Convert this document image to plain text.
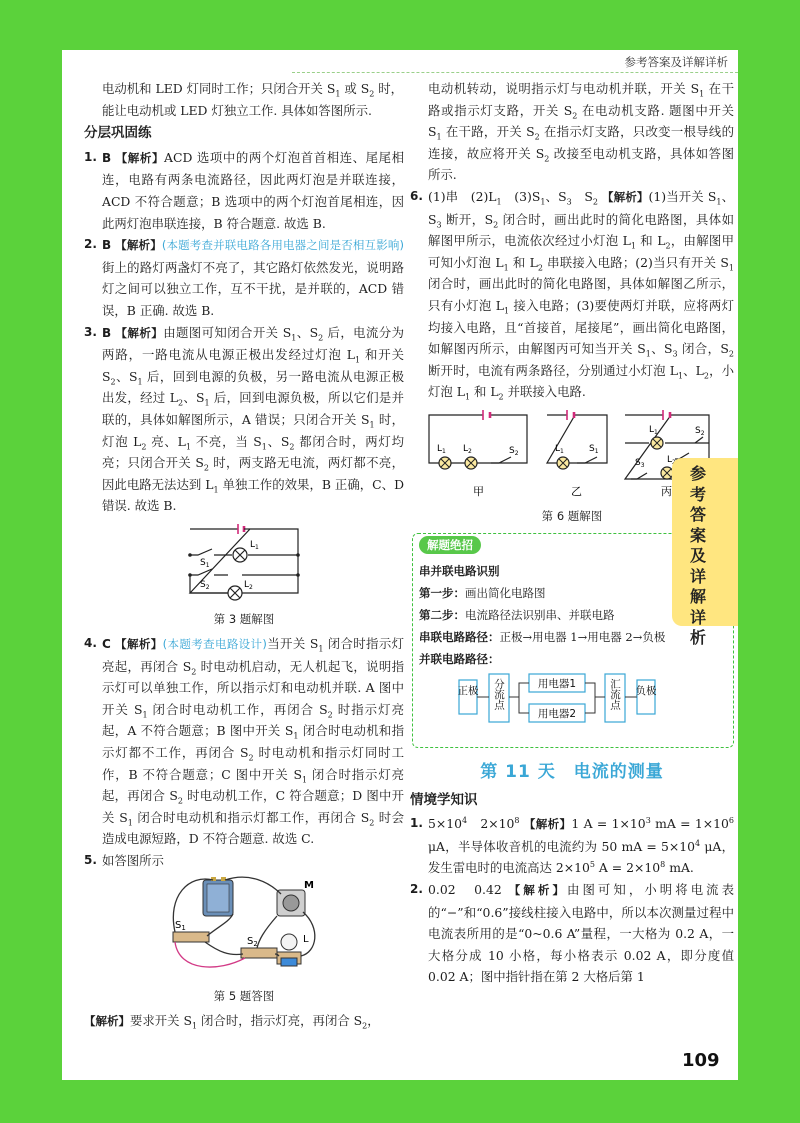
参考答案及详解详析

电动机和 LED 灯同时工作；只闭合开关 $S_1$ 或 $S_2$ 时，

能让电动机或 LED 灯独立工作. 具体如答图所示.

分层巩固练

1. B 【解析】ACD 选项中的两个灯泡首首相连、尾尾相连，电路有两条电流路径，因此两灯泡是并联连接，ACD 不符合题意；B 选项中的两个灯泡首尾相连，因此两灯泡串联连接，B 符合题意. 故选 B.

2. B 【解析】(本题考查并联电路各用电器之间是否相互影响)街上的路灯两盏灯不亮了，其它路灯依然发光，说明路灯之间可以独立工作，互不干扰，是并联的，ACD 错误，B 正确. 故选 B.

3. B 【解析】由题图可知闭合开关 $S_1$、$S_2$ 后，电流分为两路，一路电流从电源正极出发经过灯泡 $L_1$ 和开关 $S_2$、$S_1$ 后，回到电源的负极，另一路电流从电源正极出发，经过 $L_2$、$S_1$ 后，回到电源负极，所以它们是并联的，具体如解图所示，A 错误；只闭合开关 $S_1$ 时，灯泡 $L_2$ 亮、$L_1$ 不亮，当 $S_1$、$S_2$ 都闭合时，两灯均亮；只闭合开关 $S_2$ 时，两支路无电流，两灯都不亮，因此电路无法达到 $L_1$ 单独工作的效果，B 正确，C、D 错误. 故选 B.

$S_1$
$S_2$
$L_1$
$L_2$
第 3 题解图

4. C 【解析】(本题考查电路设计)当开关 $S_1$ 闭合时指示灯亮起，再闭合 $S_2$ 时电动机启动，无人机起飞，说明指示灯可以单独工作，所以指示灯和电动机并联. A 图中开关 $S_1$ 闭合时电动机工作，再闭合 $S_2$ 时指示灯亮起，A 不符合题意；B 图中开关 $S_1$ 闭合时电动机和指示灯都不工作，再闭合 $S_2$ 时电动机和指示灯同时工作，B 不符合题意；C 图中开关 $S_1$ 闭合时指示灯亮起，再闭合 $S_2$ 时电动机工作，C 符合题意；D 图中开关 $S_1$ 闭合时电动机和指示灯都工作，再闭合 $S_2$ 时会造成电源短路，D 不符合题意. 故选 C.

5. 如答图所示

M
L
$S_1$
$S_2$
第 5 题答图

【解析】要求开关 $S_1$ 闭合时，指示灯亮，再闭合 $S_2$，

电动机转动，说明指示灯与电动机并联，开关 $S_1$ 在干路或指示灯支路，开关 $S_2$ 在电动机支路. 题图中开关 $S_1$ 在干路，开关 $S_2$ 在指示灯支路，只改变一根导线的连接，故应将开关 $S_2$ 改接至电动机支路，具体如答图所示.

6. (1)串　$(2)L_1$　$(3)S_1$、$S_3$　$S_2$ 【解析】(1)当开关 $S_1$、$S_3$ 断开，$S_2$ 闭合时，画出此时的简化电路图，具体如解图甲所示，电流依次经过小灯泡 $L_1$ 和 $L_2$，由解图甲可知小灯泡 $L_1$ 和 $L_2$ 串联接入电路；(2)当只有开关 $S_1$ 闭合时，画出此时的简化电路图，具体如解图乙所示，只有小灯泡 $L_1$ 接入电路；(3)要使两灯并联，应将两灯均接入电路，且“首接首，尾接尾”，画出简化电路图，如解图丙所示，由解图丙可知当开关 $S_1$、$S_3$ 闭合，$S_2$ 断开时，电流有两条路径，分别通过小灯泡 $L_1$、$L_2$，小灯泡 $L_1$ 和 $L_2$ 并联接入电路.

$L_1$ $L_2$	$S_2$	$L_1$	$S_1$
$L_1$
$S_3$
L
$S_2$
甲	乙	丙
第 6 题解图
解题绝招
串并联电路识别
第一步：画出简化电路图
第二步：电流路径法识别串、并联电路
串联电路路径：正极→用电器 1→用电器 2→负极
并联电路路径：
正极 分流点	用电器1
用电器2
汇流点 负极
第 11 天　电流的测量
情境学知识

1. $5\times 10^4$　$2\times 10^8$ 【解析】1 $A = 1\times 10^3$ mA = $1\times 10^6$ μA，半导体收音机的电流约为 50 mA = $5\times 10^4$ μA，发生雷电时的电流高达 $2\times 10^5$ $A = 2\times 10^8$ mA.

2. 0.02　0.42 【解析】由图可知，小明将电流表的“−”和“0.6”接线柱接入电路中，所以本次测量过程中电流表所用的是“0~0.6 A”量程，一大格为 0.2 A，一大格分成 10 小格，每小格表示 0.02 A，即分度值 0.02 A；图中指针指在第 2 大格后第 1

参考答案及详解详析
109
